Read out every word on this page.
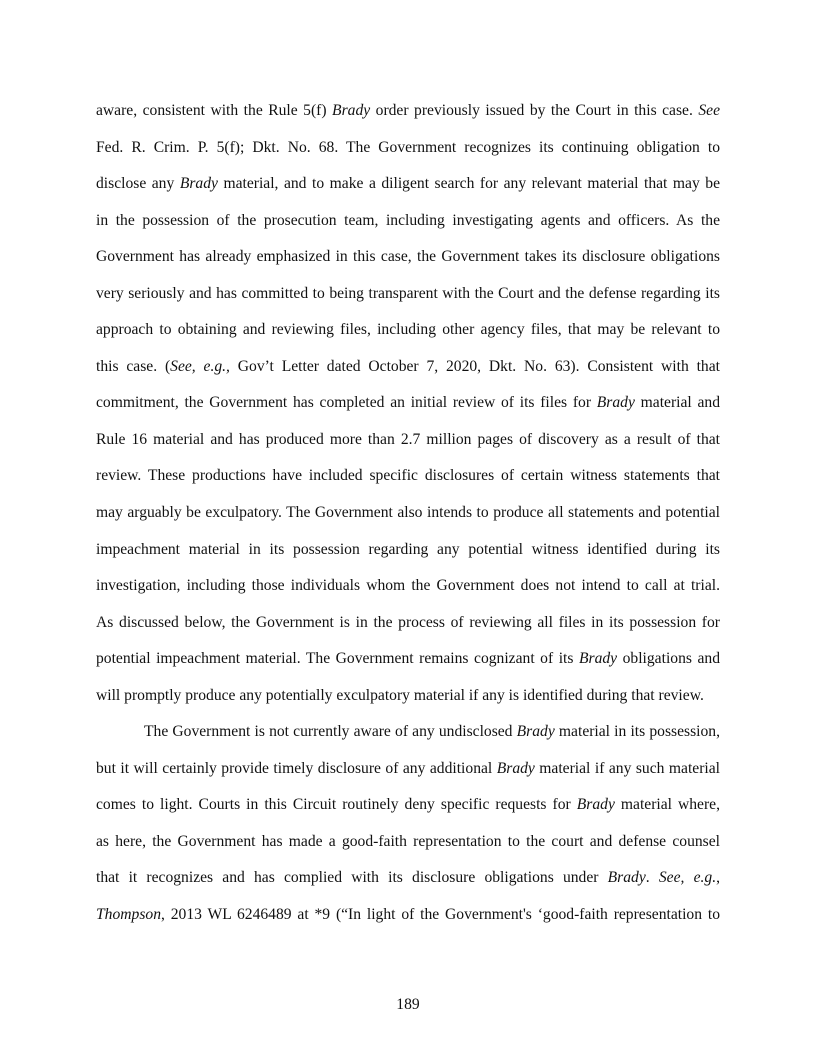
aware, consistent with the Rule 5(f) Brady order previously issued by the Court in this case. See
Fed. R. Crim. P. 5(f); Dkt. No. 68. The Government recognizes its continuing obligation to
disclose any Brady material, and to make a diligent search for any relevant material that may be
in the possession of the prosecution team, including investigating agents and officers. As the
Government has already emphasized in this case, the Government takes its disclosure obligations
very seriously and has committed to being transparent with the Court and the defense regarding its
approach to obtaining and reviewing files, including other agency files, that may be relevant to
this case. (See, e.g., Gov’t Letter dated October 7, 2020, Dkt. No. 63). Consistent with that
commitment, the Government has completed an initial review of its files for Brady material and
Rule 16 material and has produced more than 2.7 million pages of discovery as a result of that
review. These productions have included specific disclosures of certain witness statements that
may arguably be exculpatory. The Government also intends to produce all statements and potential
impeachment material in its possession regarding any potential witness identified during its
investigation, including those individuals whom the Government does not intend to call at trial.
As discussed below, the Government is in the process of reviewing all files in its possession for
potential impeachment material. The Government remains cognizant of its Brady obligations and
will promptly produce any potentially exculpatory material if any is identified during that review.
The Government is not currently aware of any undisclosed Brady material in its possession,
but it will certainly provide timely disclosure of any additional Brady material if any such material
comes to light. Courts in this Circuit routinely deny specific requests for Brady material where,
as here, the Government has made a good-faith representation to the court and defense counsel
that it recognizes and has complied with its disclosure obligations under Brady. See, e.g.,
Thompson, 2013 WL 6246489 at *9 (“In light of the Government's ‘good-faith representation to
189
